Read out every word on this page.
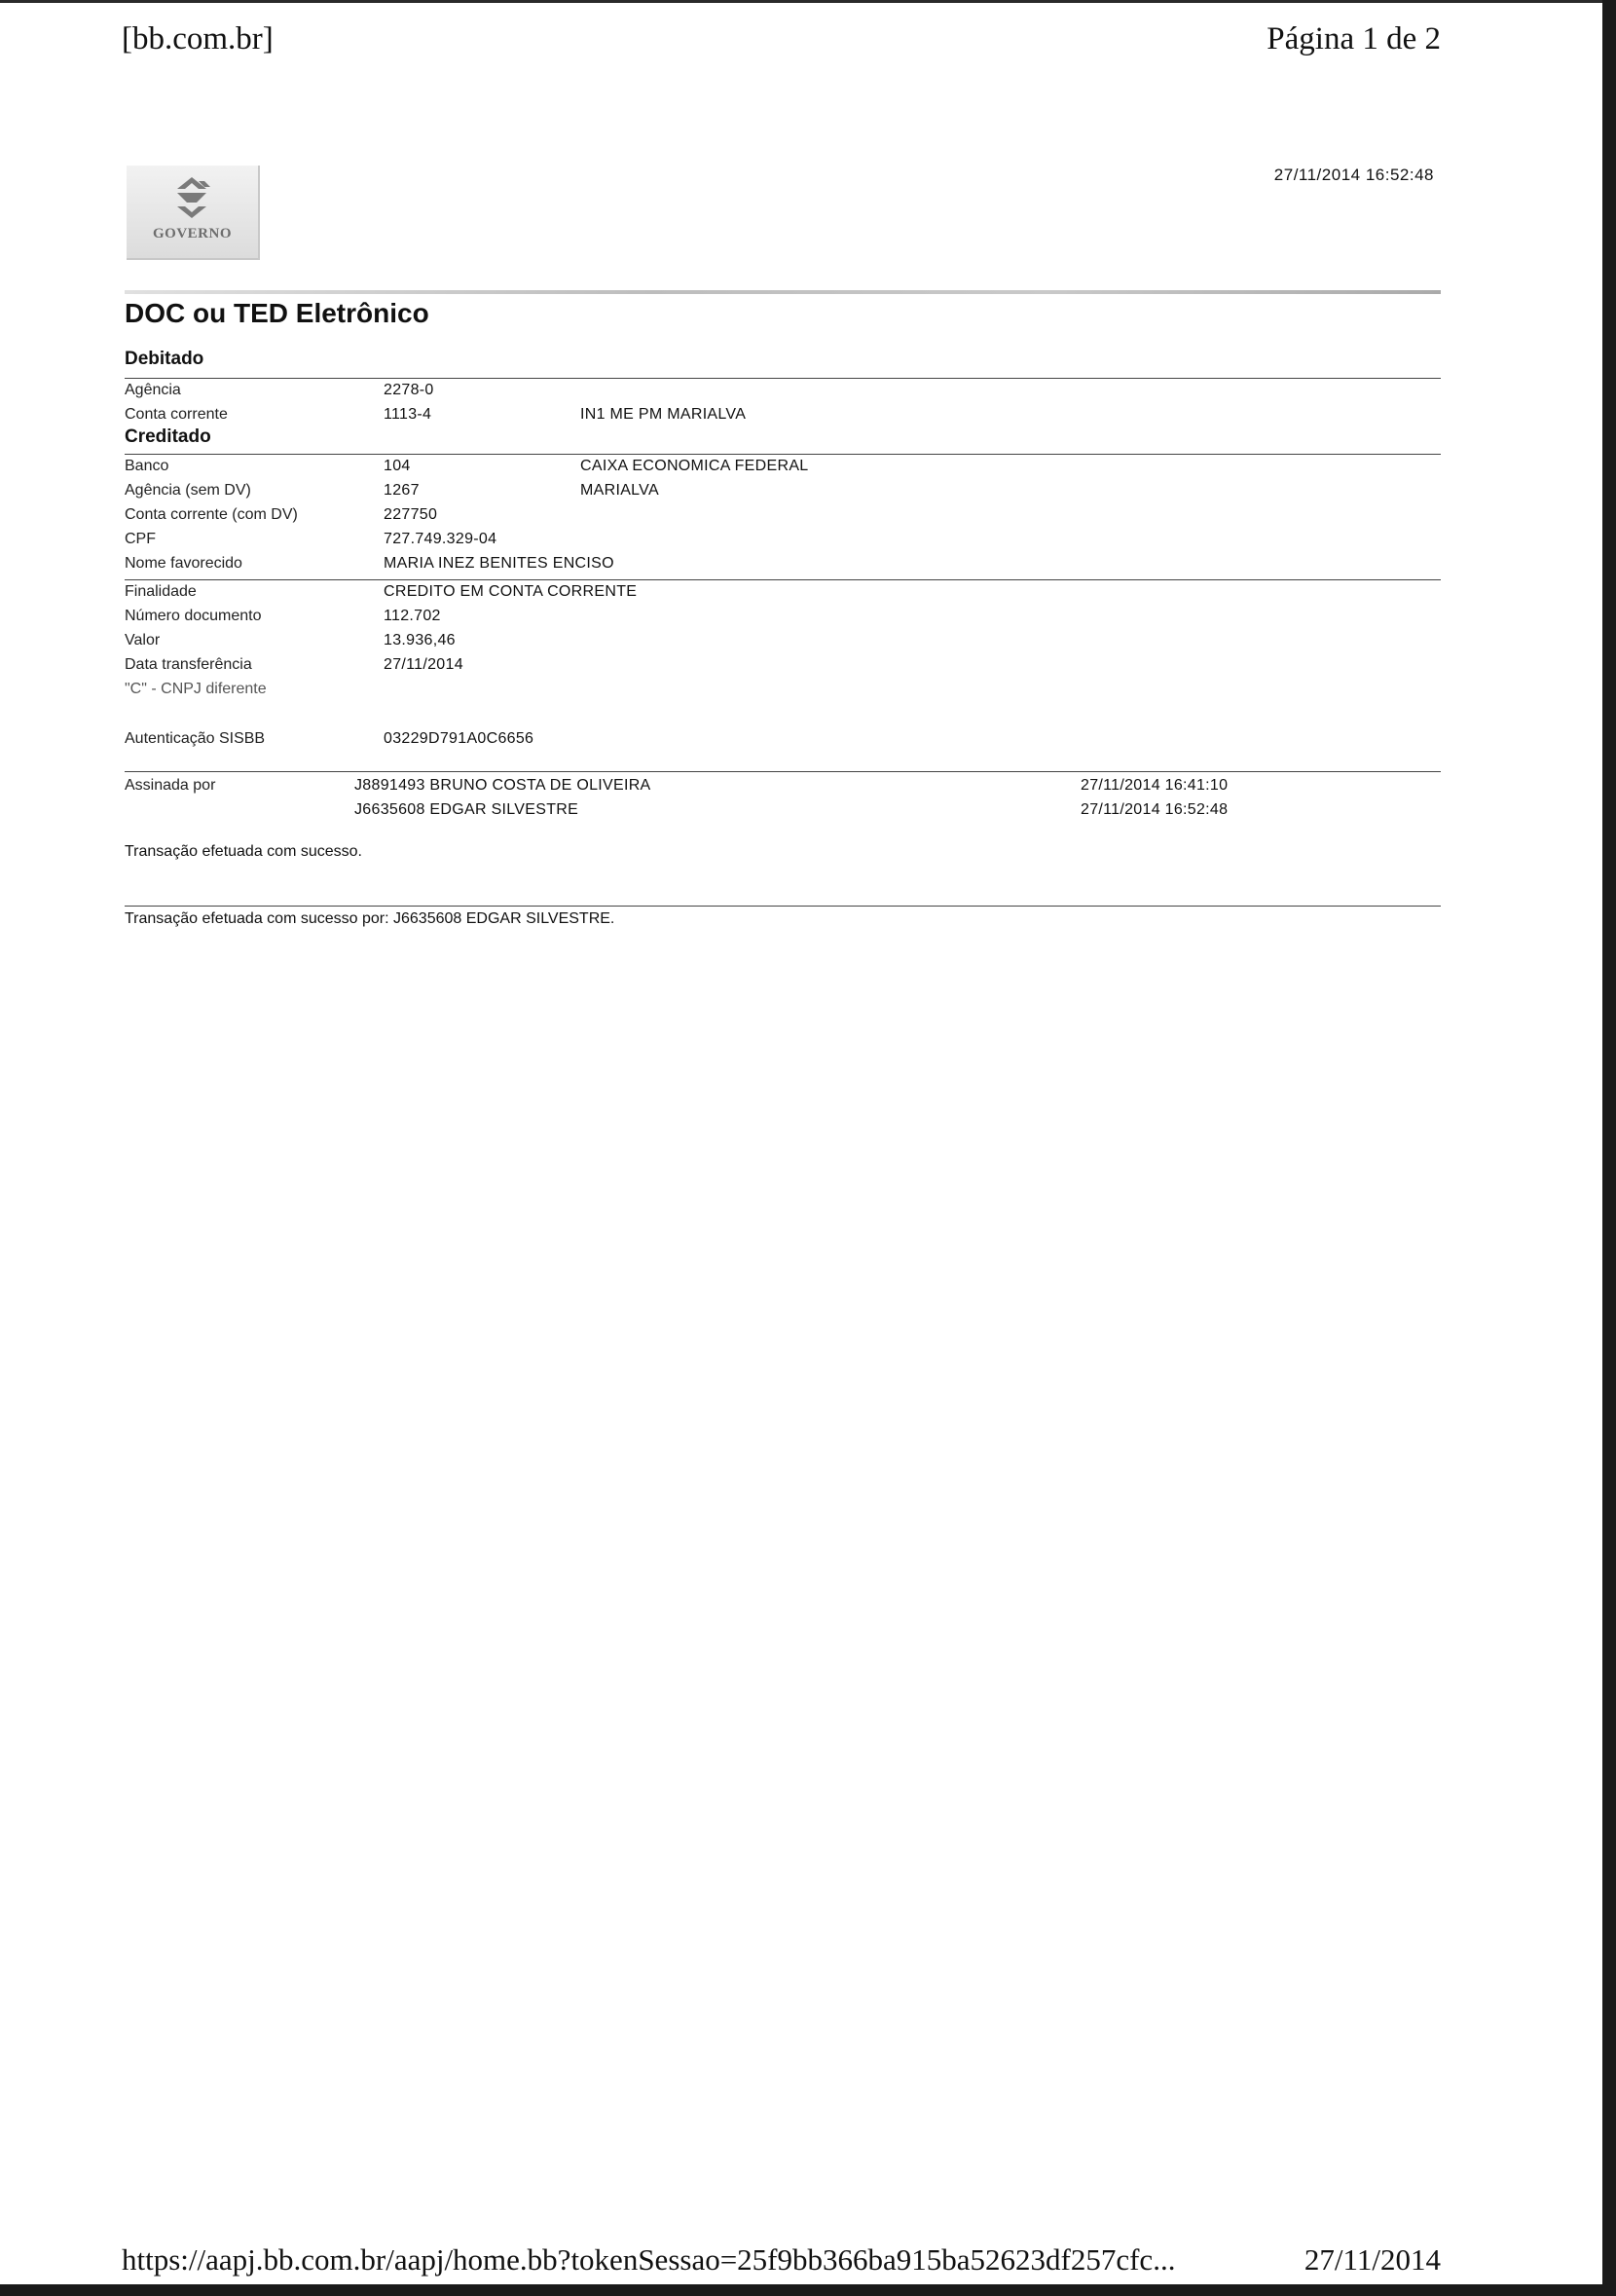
[bb.com.br]	Página 1 de 2
27/11/2014 16:52:48
GOVERNO
DOC ou TED Eletrônico
Debitado
Agência	2278-0
Conta corrente	1113-4	IN1 ME PM MARIALVA
Creditado
Banco	104	CAIXA ECONOMICA FEDERAL
Agência (sem DV)	1267	MARIALVA
Conta corrente (com DV)	227750
CPF	727.749.329-04
Nome favorecido	MARIA INEZ BENITES ENCISO
Finalidade	CREDITO EM CONTA CORRENTE
Número documento	112.702
Valor	13.936,46
Data transferência	27/11/2014
"C" - CNPJ diferente
Autenticação SISBB	03229D791A0C6656
Assinada por	J8891493 BRUNO COSTA DE OLIVEIRA	27/11/2014 16:41:10
J6635608 EDGAR SILVESTRE	27/11/2014 16:52:48
Transação efetuada com sucesso.
Transação efetuada com sucesso por: J6635608 EDGAR SILVESTRE.
https://aapj.bb.com.br/aapj/home.bb?tokenSessao=25f9bb366ba915ba52623df257cfc...	27/11/2014
